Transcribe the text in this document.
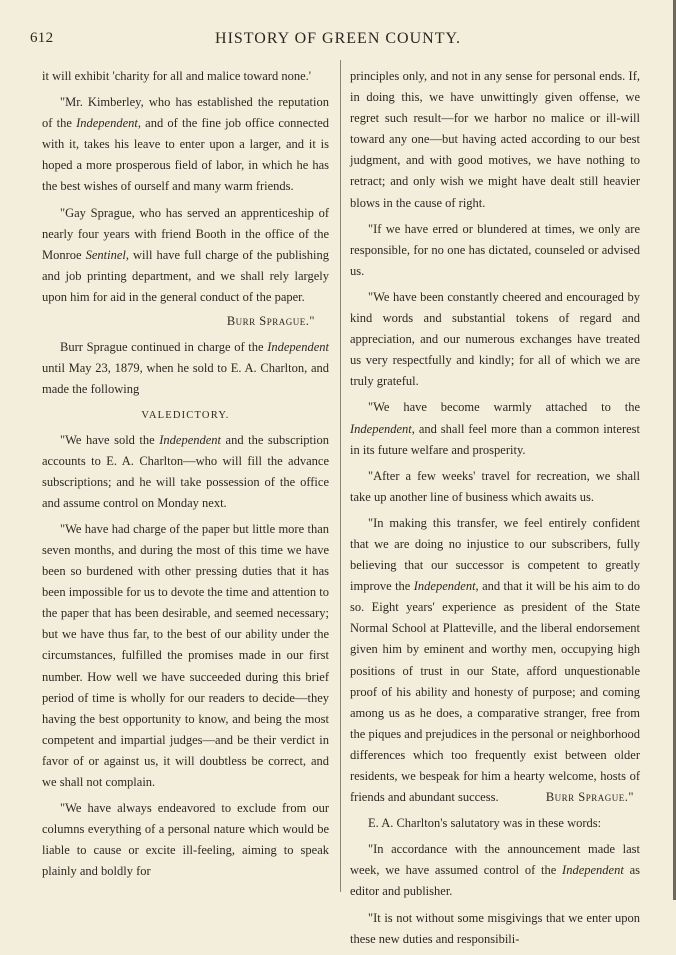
612	HISTORY OF GREEN COUNTY.

it will exhibit 'charity for all and malice toward none.'

"Mr. Kimberley, who has established the reputation of the Independent, and of the fine job office connected with it, takes his leave to enter upon a larger, and it is hoped a more prosperous field of labor, in which he has the best wishes of ourself and many warm friends.

"Gay Sprague, who has served an apprenticeship of nearly four years with friend Booth in the office of the Monroe Sentinel, will have full charge of the publishing and job printing department, and we shall rely largely upon him for aid in the general conduct of the paper.

Burr Sprague."

Burr Sprague continued in charge of the Independent until May 23, 1879, when he sold to E. A. Charlton, and made the following

VALEDICTORY.

"We have sold the Independent and the subscription accounts to E. A. Charlton—who will fill the advance subscriptions; and he will take possession of the office and assume control on Monday next.

"We have had charge of the paper but little more than seven months, and during the most of this time we have been so burdened with other pressing duties that it has been impossible for us to devote the time and attention to the paper that has been desirable, and seemed necessary; but we have thus far, to the best of our ability under the circumstances, fulfilled the promises made in our first number. How well we have succeeded during this brief period of time is wholly for our readers to decide—they having the best opportunity to know, and being the most competent and impartial judges—and be their verdict in favor of or against us, it will doubtless be correct, and we shall not complain.

"We have always endeavored to exclude from our columns everything of a personal nature which would be liable to cause or excite ill-feeling, aiming to speak plainly and boldly for

principles only, and not in any sense for personal ends. If, in doing this, we have unwittingly given offense, we regret such result—for we harbor no malice or ill-will toward any one—but having acted according to our best judgment, and with good motives, we have nothing to retract; and only wish we might have dealt still heavier blows in the cause of right.

"If we have erred or blundered at times, we only are responsible, for no one has dictated, counseled or advised us.

"We have been constantly cheered and encouraged by kind words and substantial tokens of regard and appreciation, and our numerous exchanges have treated us very respectfully and kindly; for all of which we are truly grateful.

"We have become warmly attached to the Independent, and shall feel more than a common interest in its future welfare and prosperity.

"After a few weeks' travel for recreation, we shall take up another line of business which awaits us.

"In making this transfer, we feel entirely confident that we are doing no injustice to our subscribers, fully believing that our successor is competent to greatly improve the Independent, and that it will be his aim to do so. Eight years' experience as president of the State Normal School at Platteville, and the liberal endorsement given him by eminent and worthy men, occupying high positions of trust in our State, afford unquestionable proof of his ability and honesty of purpose; and coming among us as he does, a comparative stranger, free from the piques and prejudices in the personal or neighborhood differences which too frequently exist between older residents, we bespeak for him a hearty welcome, hosts of friends and abundant success.	Burr Sprague."

E. A. Charlton's salutatory was in these words:

"In accordance with the announcement made last week, we have assumed control of the Independent as editor and publisher.

"It is not without some misgivings that we enter upon these new duties and responsibili-
